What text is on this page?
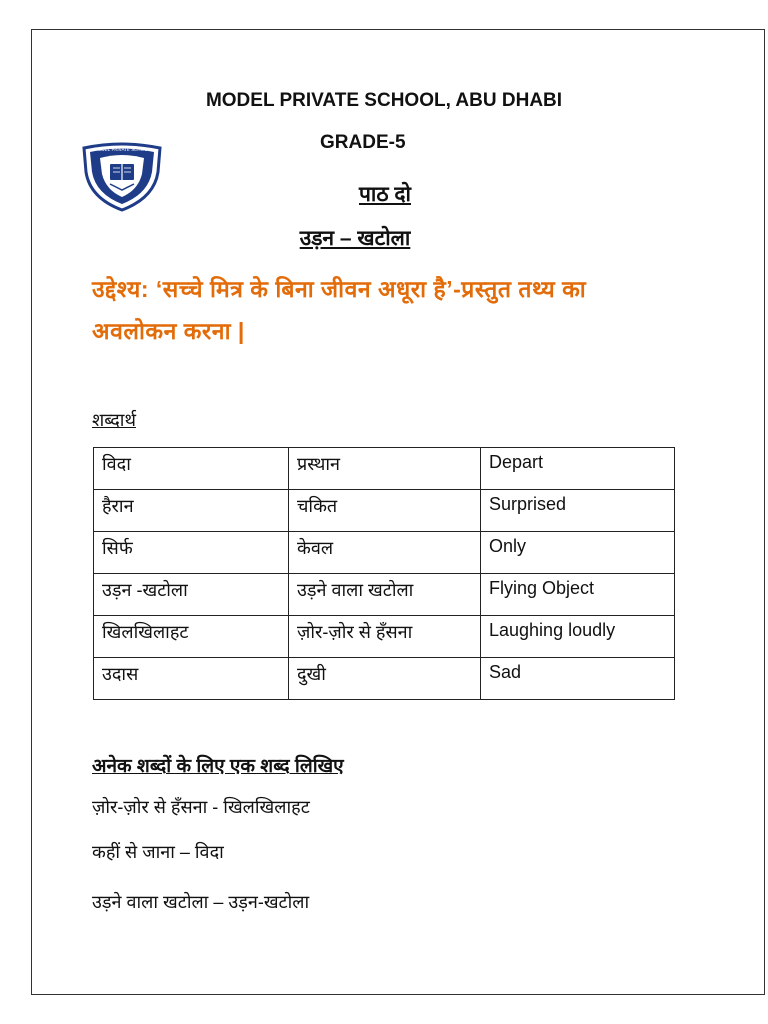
MODEL PRIVATE SCHOOL, ABU DHABI
MODEL PRIVATE SCHOOL	GRADE-5
पाठ दो
उड़न – खटोला
उद्देश्य: ‘सच्चे मित्र के बिना जीवन अधूरा है’-प्रस्तुत तथ्य का अवलोकन करना |
शब्दार्थ
विदा	प्रस्थान	Depart
हैरान	चकित	Surprised
सिर्फ	केवल	Only
उड़न -खटोला	उड़ने वाला खटोला	Flying Object
खिलखिलाहट	ज़ोर-ज़ोर से हँसना	Laughing loudly
उदास	दुखी	Sad
अनेक शब्दों के लिए एक शब्द लिखिए
ज़ोर-ज़ोर से हँसना - खिलखिलाहट
कहीं से जाना – विदा
उड़ने वाला खटोला – उड़न-खटोला
